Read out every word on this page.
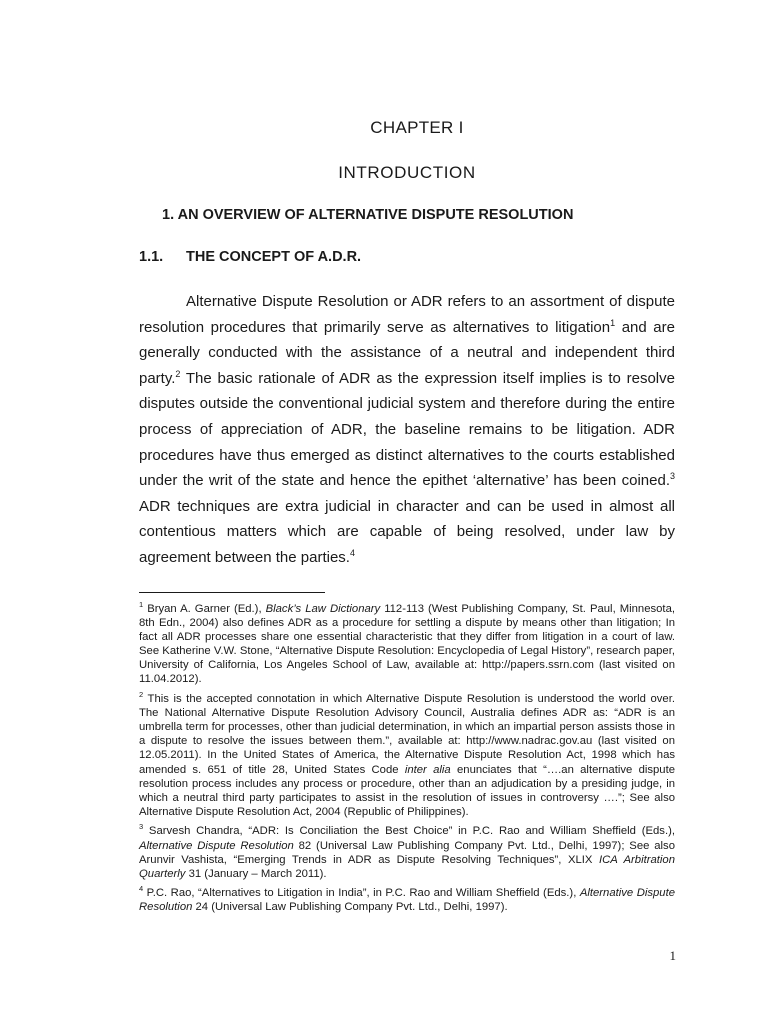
CHAPTER I
INTRODUCTION
1. AN OVERVIEW OF ALTERNATIVE DISPUTE RESOLUTION
1.1. THE CONCEPT OF A.D.R.

Alternative Dispute Resolution or ADR refers to an assortment of dispute resolution procedures that primarily serve as alternatives to litigation$^1$ and are generally conducted with the assistance of a neutral and independent third party.$^2$ The basic rationale of ADR as the expression itself implies is to resolve disputes outside the conventional judicial system and therefore during the entire process of appreciation of ADR, the baseline remains to be litigation. ADR procedures have thus emerged as distinct alternatives to the courts established under the writ of the state and hence the epithet ‘alternative’ has been coined.$^3$ ADR techniques are extra judicial in character and can be used in almost all contentious matters which are capable of being resolved, under law by agreement between the parties.$^4$

$^1$ Bryan A. Garner (Ed.), Black’s Law Dictionary 112-113 (West Publishing Company, St. Paul, Minnesota, 8th Edn., 2004) also defines ADR as a procedure for settling a dispute by means other than litigation; In fact all ADR processes share one essential characteristic that they differ from litigation in a court of law. See Katherine V.W. Stone, “Alternative Dispute Resolution: Encyclopedia of Legal History”, research paper, University of California, Los Angeles School of Law, available at: http://papers.ssrn.com (last visited on 11.04.2012).

$^2$ This is the accepted connotation in which Alternative Dispute Resolution is understood the world over. The National Alternative Dispute Resolution Advisory Council, Australia defines ADR as: “ADR is an umbrella term for processes, other than judicial determination, in which an impartial person assists those in a dispute to resolve the issues between them.”, available at: http://www.nadrac.gov.au (last visited on 12.05.2011). In the United States of America, the Alternative Dispute Resolution Act, 1998 which has amended s. 651 of title 28, United States Code inter alia enunciates that “….an alternative dispute resolution process includes any process or procedure, other than an adjudication by a presiding judge, in which a neutral third party participates to assist in the resolution of issues in controversy ….”; See also Alternative Dispute Resolution Act, 2004 (Republic of Philippines).

$^3$ Sarvesh Chandra, “ADR: Is Conciliation the Best Choice” in P.C. Rao and William Sheffield (Eds.), Alternative Dispute Resolution 82 (Universal Law Publishing Company Pvt. Ltd., Delhi, 1997); See also Arunvir Vashista, “Emerging Trends in ADR as Dispute Resolving Techniques”, XLIX ICA Arbitration Quarterly 31 (January – March 2011).

$^4$ P.C. Rao, “Alternatives to Litigation in India”, in P.C. Rao and William Sheffield (Eds.), Alternative Dispute Resolution 24 (Universal Law Publishing Company Pvt. Ltd., Delhi, 1997).

1
